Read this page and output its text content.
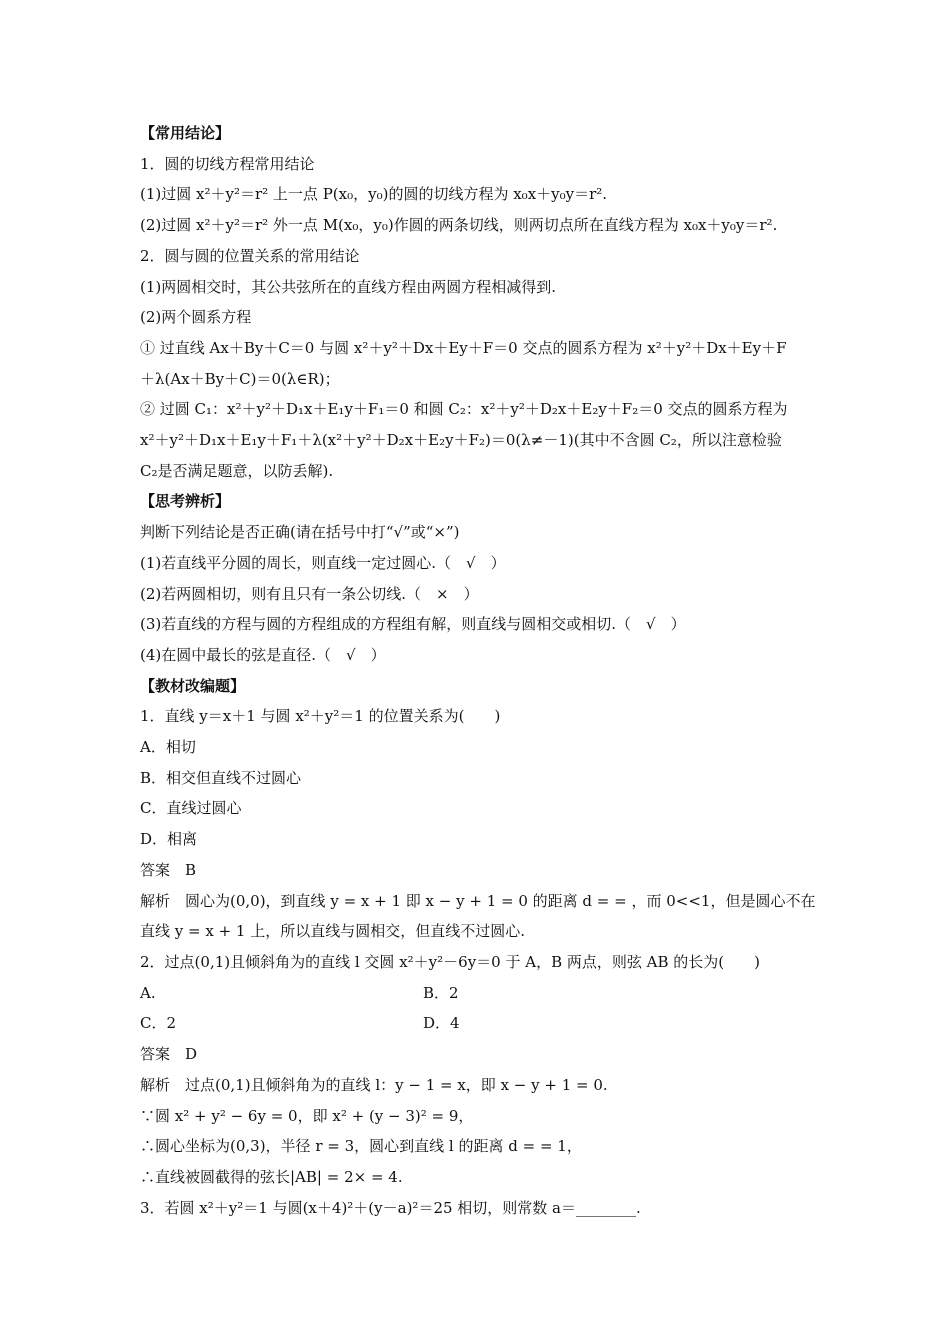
【常用结论】
1．圆的切线方程常用结论
(1)过圆 x²＋y²＝r² 上一点 P(x₀，y₀)的圆的切线方程为 x₀x＋y₀y＝r².
(2)过圆 x²＋y²＝r² 外一点 M(x₀，y₀)作圆的两条切线，则两切点所在直线方程为 x₀x＋y₀y＝r².
2．圆与圆的位置关系的常用结论
(1)两圆相交时，其公共弦所在的直线方程由两圆方程相减得到.
(2)两个圆系方程
① 过直线 Ax＋By＋C＝0 与圆 x²＋y²＋Dx＋Ey＋F＝0 交点的圆系方程为 x²＋y²＋Dx＋Ey＋F
＋λ(Ax＋By＋C)＝0(λ∈R)；
② 过圆 C₁：x²＋y²＋D₁x＋E₁y＋F₁＝0 和圆 C₂：x²＋y²＋D₂x＋E₂y＋F₂＝0 交点的圆系方程为
x²＋y²＋D₁x＋E₁y＋F₁＋λ(x²＋y²＋D₂x＋E₂y＋F₂)＝0(λ≠－1)(其中不含圆 C₂，所以注意检验
C₂是否满足题意，以防丢解).
【思考辨析】
判断下列结论是否正确(请在括号中打“√”或“×”)
(1)若直线平分圆的周长，则直线一定过圆心.（　√　）
(2)若两圆相切，则有且只有一条公切线.（　×　）
(3)若直线的方程与圆的方程组成的方程组有解，则直线与圆相交或相切.（　√　）
(4)在圆中最长的弦是直径.（　√　）
【教材改编题】
1．直线 y＝x＋1 与圆 x²＋y²＝1 的位置关系为(　　)
A．相切
B．相交但直线不过圆心
C．直线过圆心
D．相离
答案　B
解析　圆心为(0,0)，到直线 y = x + 1 即 x − y + 1 = 0 的距离 d = = ，而 0<<1，但是圆心不在
直线 y = x + 1 上，所以直线与圆相交，但直线不过圆心.
2．过点(0,1)且倾斜角为的直线 l 交圆 x²＋y²－6y＝0 于 A，B 两点，则弦 AB 的长为(　　)
A.	B．2
C．2	D．4
答案　D
解析　过点(0,1)且倾斜角为的直线 l：y − 1 = x，即 x − y + 1 = 0.
∵圆 x² + y² − 6y = 0，即 x² + (y − 3)² = 9，
∴圆心坐标为(0,3)，半径 r = 3，圆心到直线 l 的距离 d = = 1，
∴直线被圆截得的弦长|AB| = 2× = 4.
3．若圆 x²＋y²＝1 与圆(x＋4)²＋(y－a)²＝25 相切，则常数 a＝________.
